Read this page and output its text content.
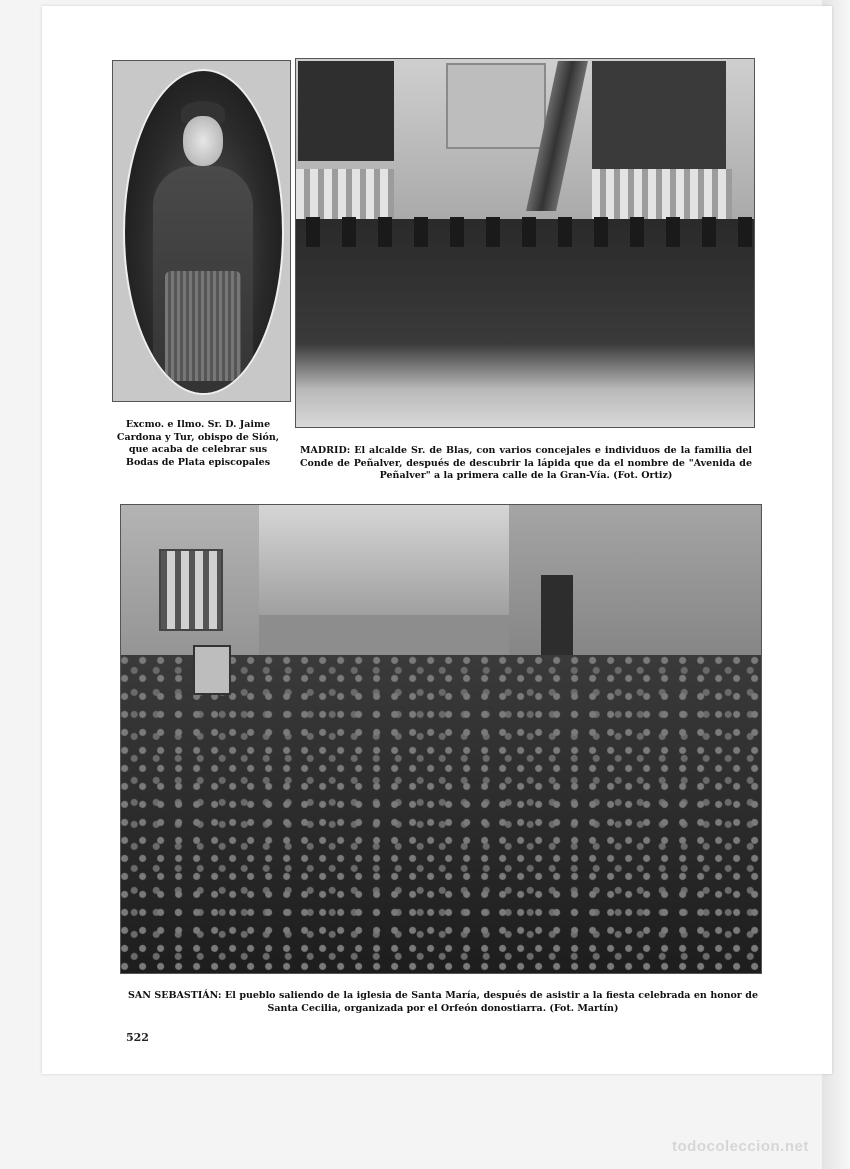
Excmo. e Ilmo. Sr. D. Jaime Cardona y Tur, obispo de Sión, que acaba de celebrar sus Bodas de Plata episcopales
MADRID: El alcalde Sr. de Blas, con varios concejales e individuos de la familia del Conde de Peñalver, después de descubrir la lápida que da el nombre de "Avenida de Peñalver" a la primera calle de la Gran-Vía. (Fot. Ortiz)
SAN SEBASTIÁN: El pueblo saliendo de la iglesia de Santa María, después de asistir a la fiesta celebrada en honor de Santa Cecilia, organizada por el Orfeón donostiarra. (Fot. Martín)
522
todocoleccion.net
